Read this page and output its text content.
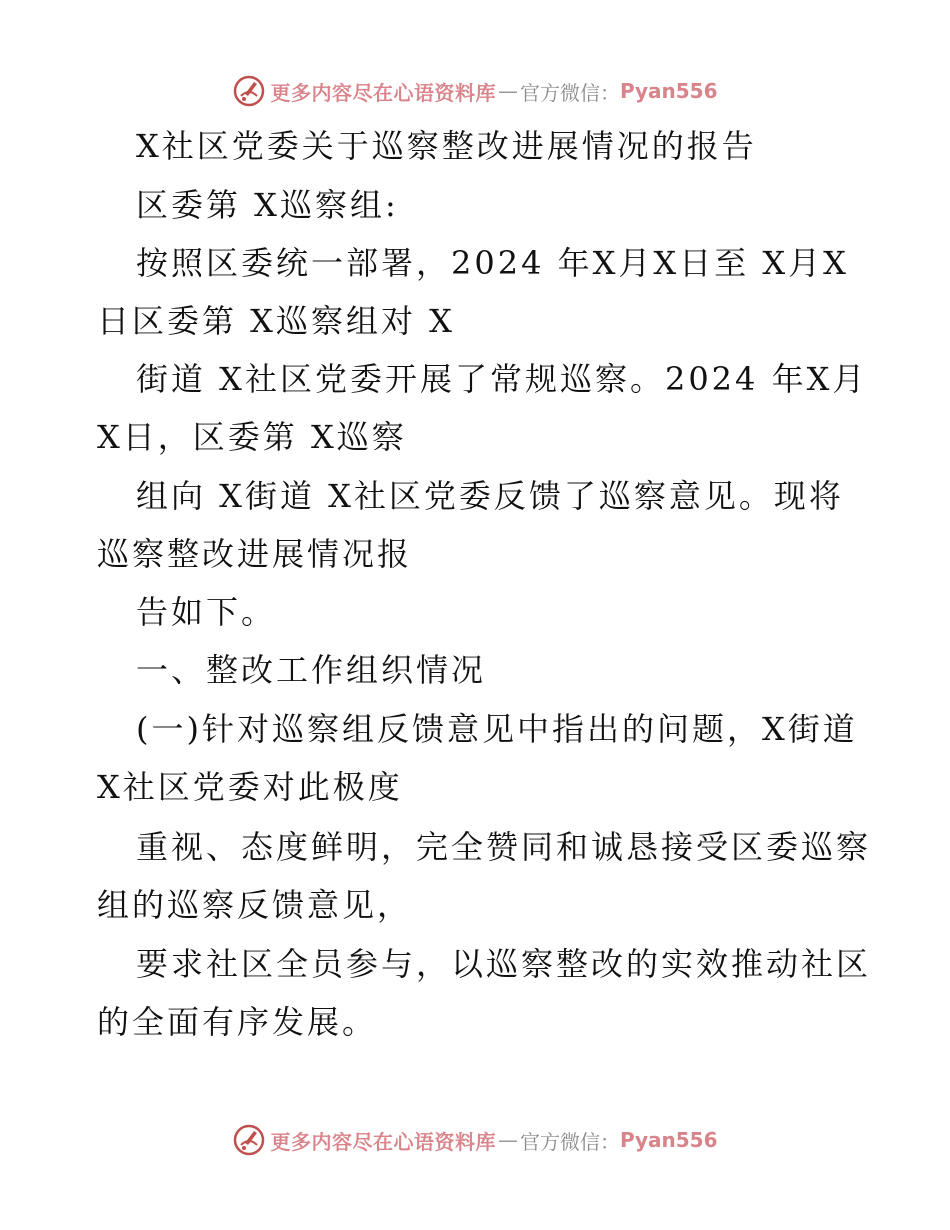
更多内容尽在心语资料库 — 官方微信： Pyan556
X社区党委关于巡察整改进展情况的报告
区委第 X巡察组:
按照区委统一部署，2024 年X月X日至 X月X
日区委第 X巡察组对 X
街道 X社区党委开展了常规巡察。2024 年X月
X日，区委第 X巡察
组向 X街道 X社区党委反馈了巡察意见。现将
巡察整改进展情况报
告如下。
一、整改工作组织情况
(一)针对巡察组反馈意见中指出的问题，X街道
X社区党委对此极度
重视、态度鲜明，完全赞同和诚恳接受区委巡察
组的巡察反馈意见，
要求社区全员参与，以巡察整改的实效推动社区
的全面有序发展。
更多内容尽在心语资料库 — 官方微信： Pyan556
